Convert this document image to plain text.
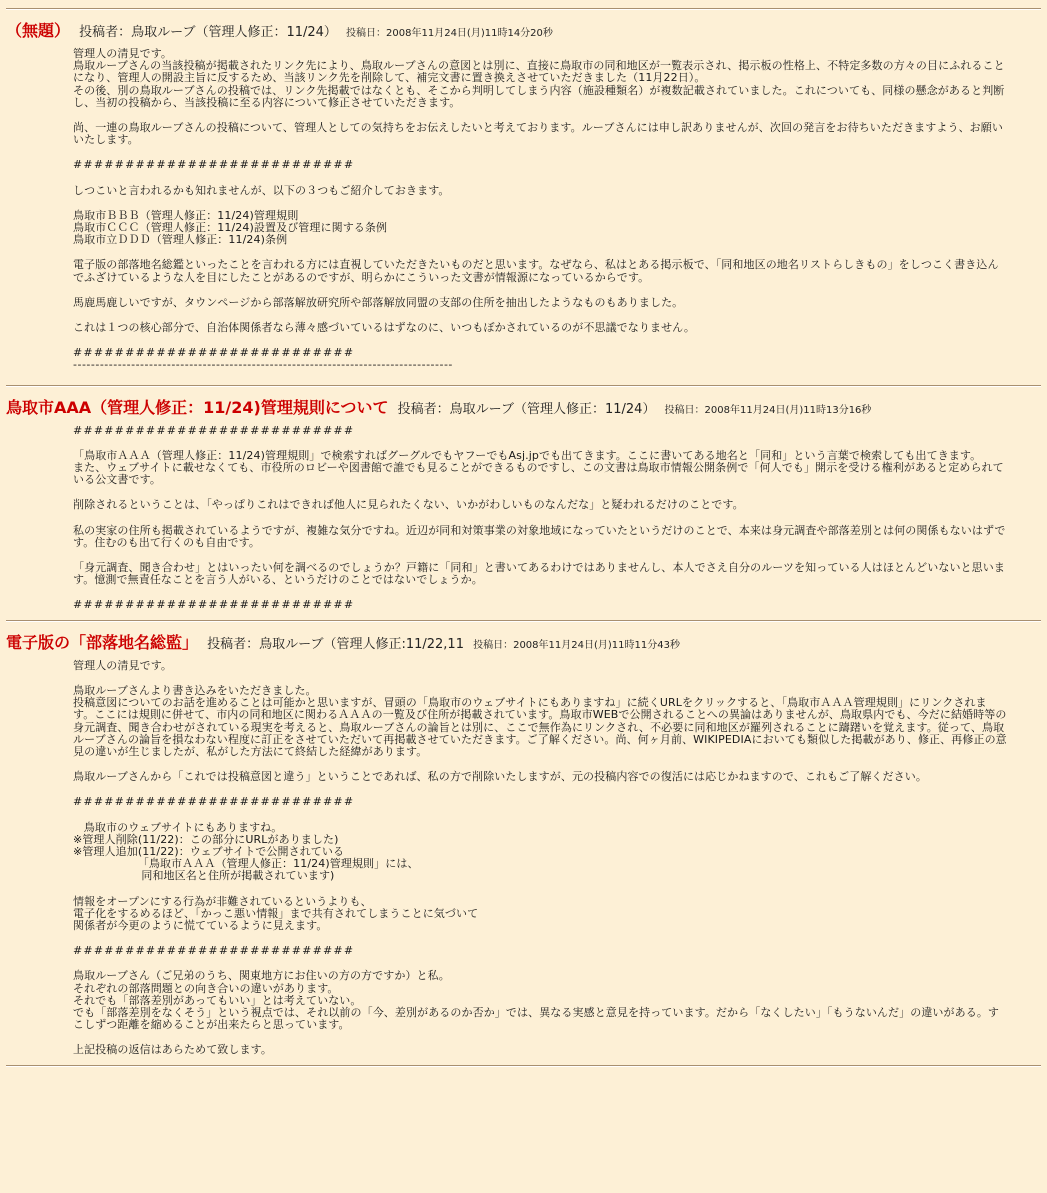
（無題） 投稿者：鳥取ルーブ（管理人修正：11/24） 投稿日：2008年11月24日(月)11時14分20秒
管理人の清見です。
鳥取ルーブさんの当該投稿が掲載されたリンク先により、鳥取ルーブさんの意図とは別に、直接に鳥取市の同和地区が一覧表示され、掲示板の性格上、不特定多数の方々の目にふれることになり、管理人の開設主旨に反するため、当該リンク先を削除して、補完文書に置き換えさせていただきました（11月22日）。
その後、別の鳥取ルーブさんの投稿では、リンク先掲載ではなくとも、そこから判明してしまう内容（施設種類名）が複数記載されていました。これについても、同様の懸念があると判断し、当初の投稿から、当該投稿に至る内容について修正させていただきます。
尚、一連の鳥取ルーブさんの投稿について、管理人としての気持ちをお伝えしたいと考えております。ルーブさんには申し訳ありませんが、次回の発言をお待ちいただきますよう、お願いいたします。
###########################
しつこいと言われるかも知れませんが、以下の３つもご紹介しておきます。
鳥取市ＢＢＢ（管理人修正：11/24)管理規則
鳥取市ＣＣＣ（管理人修正：11/24)設置及び管理に関する条例
鳥取市立ＤＤＤ（管理人修正：11/24)条例
電子版の部落地名総鑑といったことを言われる方には直視していただきたいものだと思います。なぜなら、私はとある掲示板で、「同和地区の地名リストらしきもの」をしつこく書き込んでふざけているような人を目にしたことがあるのですが、明らかにこういった文書が情報源になっているからです。
馬鹿馬鹿しいですが、タウンページから部落解放研究所や部落解放同盟の支部の住所を抽出したようなものもありました。
これは１つの核心部分で、自治体関係者なら薄々感づいているはずなのに、いつもぼかされているのが不思議でなりません。
###########################
-------------------------------------------------------------------------------------
鳥取市AAA（管理人修正：11/24)管理規則について 投稿者：鳥取ルーブ（管理人修正：11/24） 投稿日：2008年11月24日(月)11時13分16秒
###########################
「鳥取市ＡＡＡ（管理人修正：11/24)管理規則」で検索すればグーグルでもヤフーでもAsj.jpでも出てきます。ここに書いてある地名と「同和」という言葉で検索しても出てきます。
また、ウェブサイトに載せなくても、市役所のロビーや図書館で誰でも見ることができるものですし、この文書は鳥取市情報公開条例で「何人でも」開示を受ける権利があると定められている公文書です。
削除されるということは、「やっぱりこれはできれば他人に見られたくない、いかがわしいものなんだな」と疑われるだけのことです。
私の実家の住所も掲載されているようですが、複雑な気分ですね。近辺が同和対策事業の対象地域になっていたというだけのことで、本来は身元調査や部落差別とは何の関係もないはずです。住むのも出て行くのも自由です。
「身元調査、聞き合わせ」とはいったい何を調べるのでしょうか？戸籍に「同和」と書いてあるわけではありませんし、本人でさえ自分のルーツを知っている人はほとんどいないと思います。憶測で無責任なことを言う人がいる、というだけのことではないでしょうか。
###########################
電子版の「部落地名総監」 投稿者：鳥取ルーブ（管理人修正:11/22,11 投稿日：2008年11月24日(月)11時11分43秒
管理人の清見です。
鳥取ルーブさんより書き込みをいただきました。
投稿意図についてのお話を進めることは可能かと思いますが、冒頭の「鳥取市のウェブサイトにもありますね」に続くURLをクリックすると、「鳥取市ＡＡＡ管理規則」にリンクされます。ここには規則に併せて、市内の同和地区に関わるＡＡＡの一覧及び住所が掲載されています。鳥取市WEBで公開されることへの異論はありませんが、鳥取県内でも、今だに結婚時等の身元調査、聞き合わせがされている現実を考えると、鳥取ルーブさんの論旨とは別に、ここで無作為にリンクされ、不必要に同和地区が羅列されることに躊躇いを覚えます。従って、鳥取ルーブさんの論旨を損なわない程度に訂正をさせていただいて再掲載させていただきます。ご了解ください。尚、何ヶ月前、WIKIPEDIAにおいても類似した掲載があり、修正、再修正の意見の違いが生じましたが、私がした方法にて終結した経緯があります。
鳥取ルーブさんから「これでは投稿意図と違う」ということであれば、私の方で削除いたしますが、元の投稿内容での復活には応じかねますので、これもご了解ください。
###########################
鳥取市のウェブサイトにもありますね。
※管理人削除(11/22)：この部分にURLがありました)
※管理人追加(11/22)：ウェブサイトで公開されている
「鳥取市ＡＡＡ（管理人修正：11/24)管理規則」には、
同和地区名と住所が掲載されています)
情報をオープンにする行為が非難されているというよりも、
電子化をするめるほど、「かっこ悪い情報」まで共有されてしまうことに気づいて
関係者が今更のように慌てているように見えます。
###########################
鳥取ルーブさん（ご兄弟のうち、関東地方にお住いの方の方ですか）と私。
それぞれの部落問題との向き合いの違いがあります。
それでも「部落差別があってもいい」とは考えていない。
でも「部落差別をなくそう」という視点では、それ以前の「今、差別があるのか否か」では、異なる実感と意見を持っています。だから「なくしたい」「もうないんだ」の違いがある。すこしずつ距離を縮めることが出来たらと思っています。
上記投稿の返信はあらためて致します。
